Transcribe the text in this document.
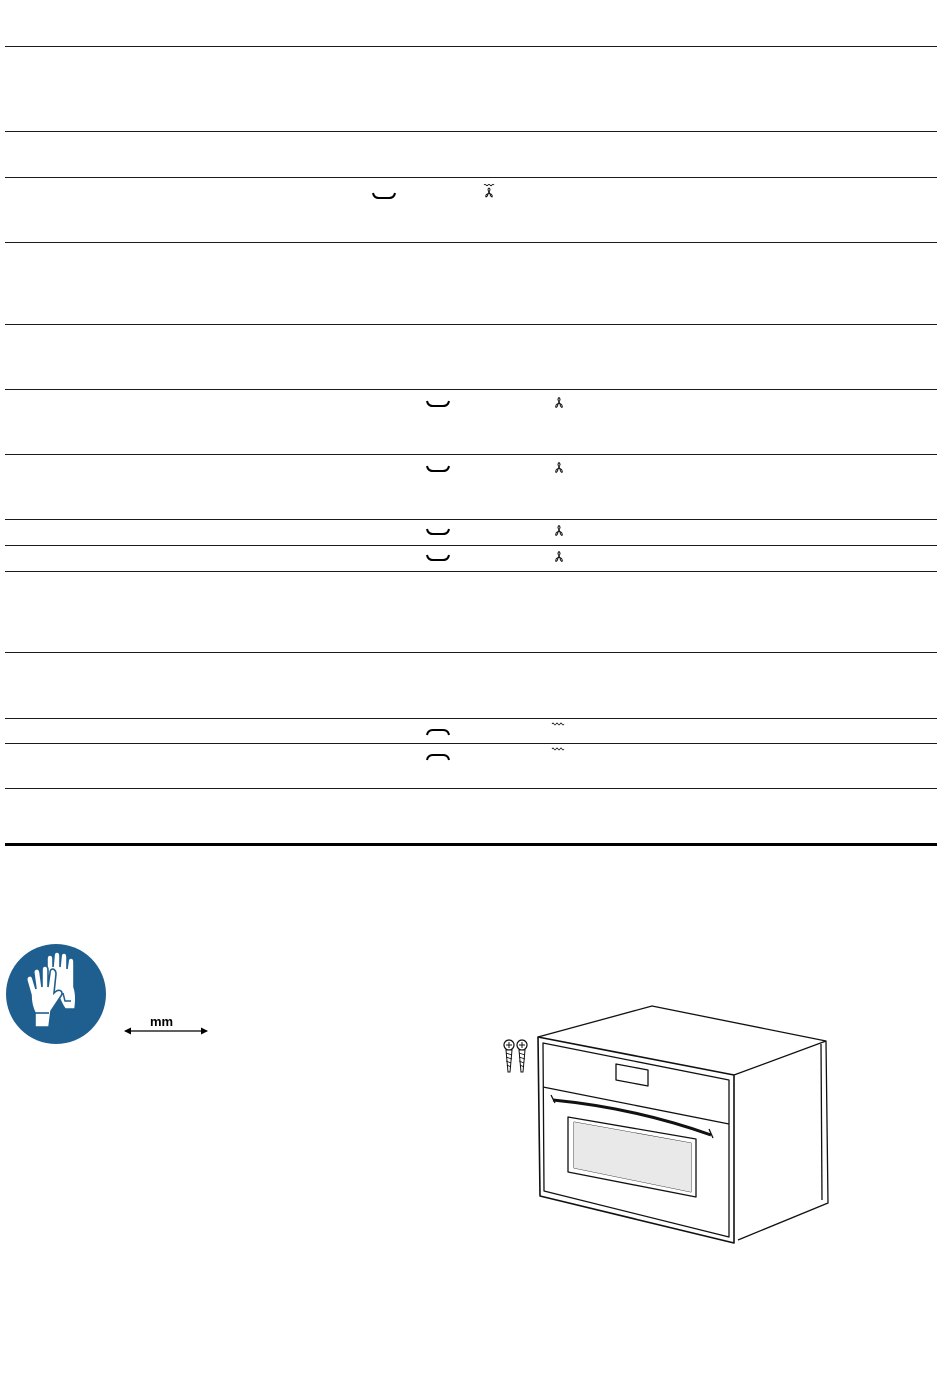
mm
